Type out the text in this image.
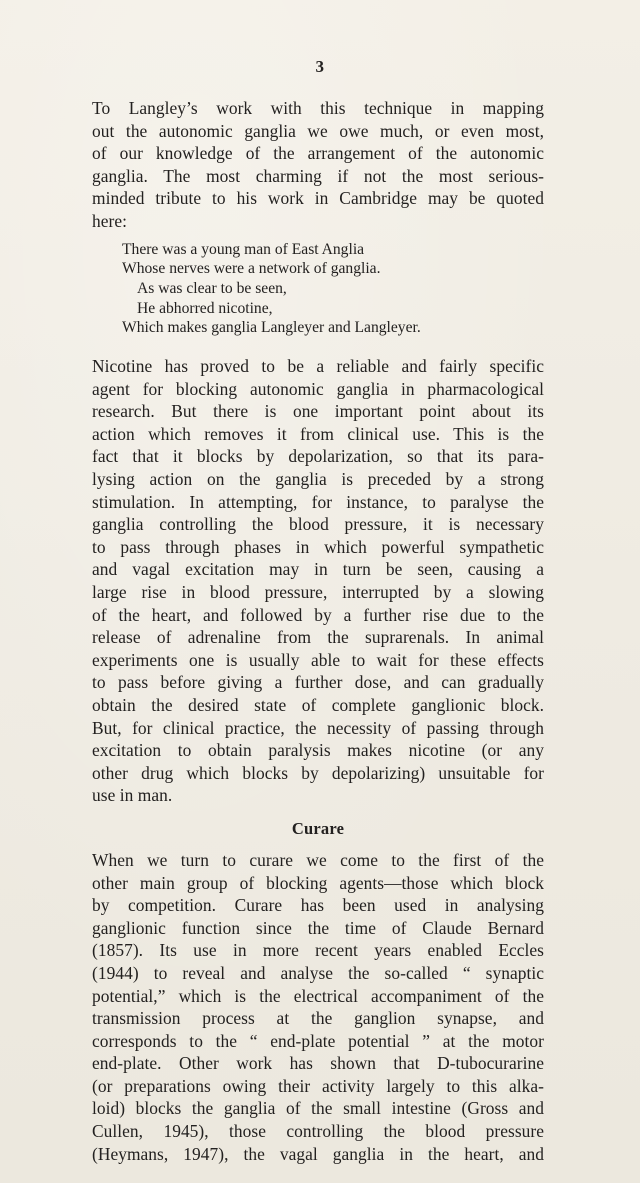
3
To Langley’s work with this technique in mapping
out the autonomic ganglia we owe much, or even most,
of our knowledge of the arrangement of the autonomic
ganglia. The most charming if not the most serious-
minded tribute to his work in Cambridge may be quoted
here:
There was a young man of East Anglia
Whose nerves were a network of ganglia.
As was clear to be seen,
He abhorred nicotine,
Which makes ganglia Langleyer and Langleyer.
Nicotine has proved to be a reliable and fairly specific
agent for blocking autonomic ganglia in pharmacological
research. But there is one important point about its
action which removes it from clinical use. This is the
fact that it blocks by depolarization, so that its para-
lysing action on the ganglia is preceded by a strong
stimulation. In attempting, for instance, to paralyse the
ganglia controlling the blood pressure, it is necessary
to pass through phases in which powerful sympathetic
and vagal excitation may in turn be seen, causing a
large rise in blood pressure, interrupted by a slowing
of the heart, and followed by a further rise due to the
release of adrenaline from the suprarenals. In animal
experiments one is usually able to wait for these effects
to pass before giving a further dose, and can gradually
obtain the desired state of complete ganglionic block.
But, for clinical practice, the necessity of passing through
excitation to obtain paralysis makes nicotine (or any
other drug which blocks by depolarizing) unsuitable for
use in man.
Curare
When we turn to curare we come to the first of the
other main group of blocking agents—those which block
by competition. Curare has been used in analysing
ganglionic function since the time of Claude Bernard
(1857). Its use in more recent years enabled Eccles
(1944) to reveal and analyse the so-called “ synaptic
potential,” which is the electrical accompaniment of the
transmission process at the ganglion synapse, and
corresponds to the “ end-plate potential ” at the motor
end-plate. Other work has shown that D-tubocurarine
(or preparations owing their activity largely to this alka-
loid) blocks the ganglia of the small intestine (Gross and
Cullen, 1945), those controlling the blood pressure
(Heymans, 1947), the vagal ganglia in the heart, and
